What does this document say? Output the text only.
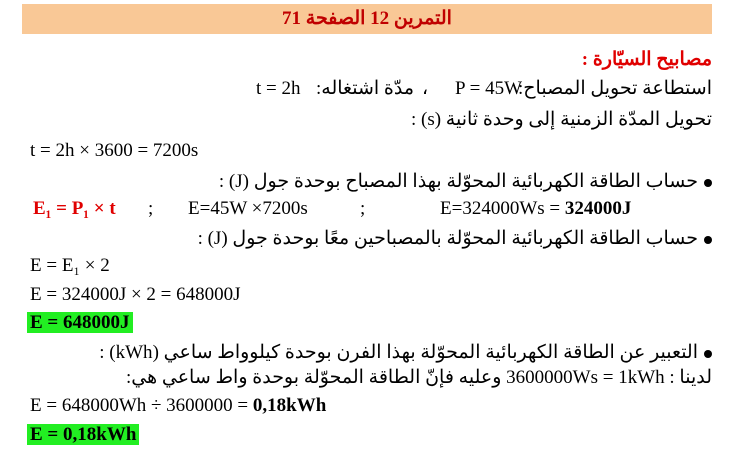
التمرين 12 الصفحة 71
مصابيح السيّارة :
استطاعة تحويل المصباح:
P = 45W
،
مدّة اشتغاله:
t = 2h
تحويل المدّة الزمنية إلى وحدة ثانية (s) :
t = 2h × 3600 = 7200s
حساب الطاقة الكهربائية المحوّلة بهذا المصباح بوحدة جول (J) :
E₁ = P₁ × t ; E=45W ×7200s	;	E=324000Ws = 324000J
حساب الطاقة الكهربائية المحوّلة بالمصباحين معًا بوحدة جول (J) :
E = E₁ × 2
E = 324000J × 2 = 648000J
E = 648000J
التعبير عن الطاقة الكهربائية المحوّلة بهذا الفرن بوحدة كيلوواط ساعي (kWh) :
لدينا : 3600000Ws = 1kWh وعليه فإنّ الطاقة المحوّلة بوحدة واط ساعي هي:
E = 648000Wh ÷ 3600000 = 0,18kWh
E = 0,18kWh
